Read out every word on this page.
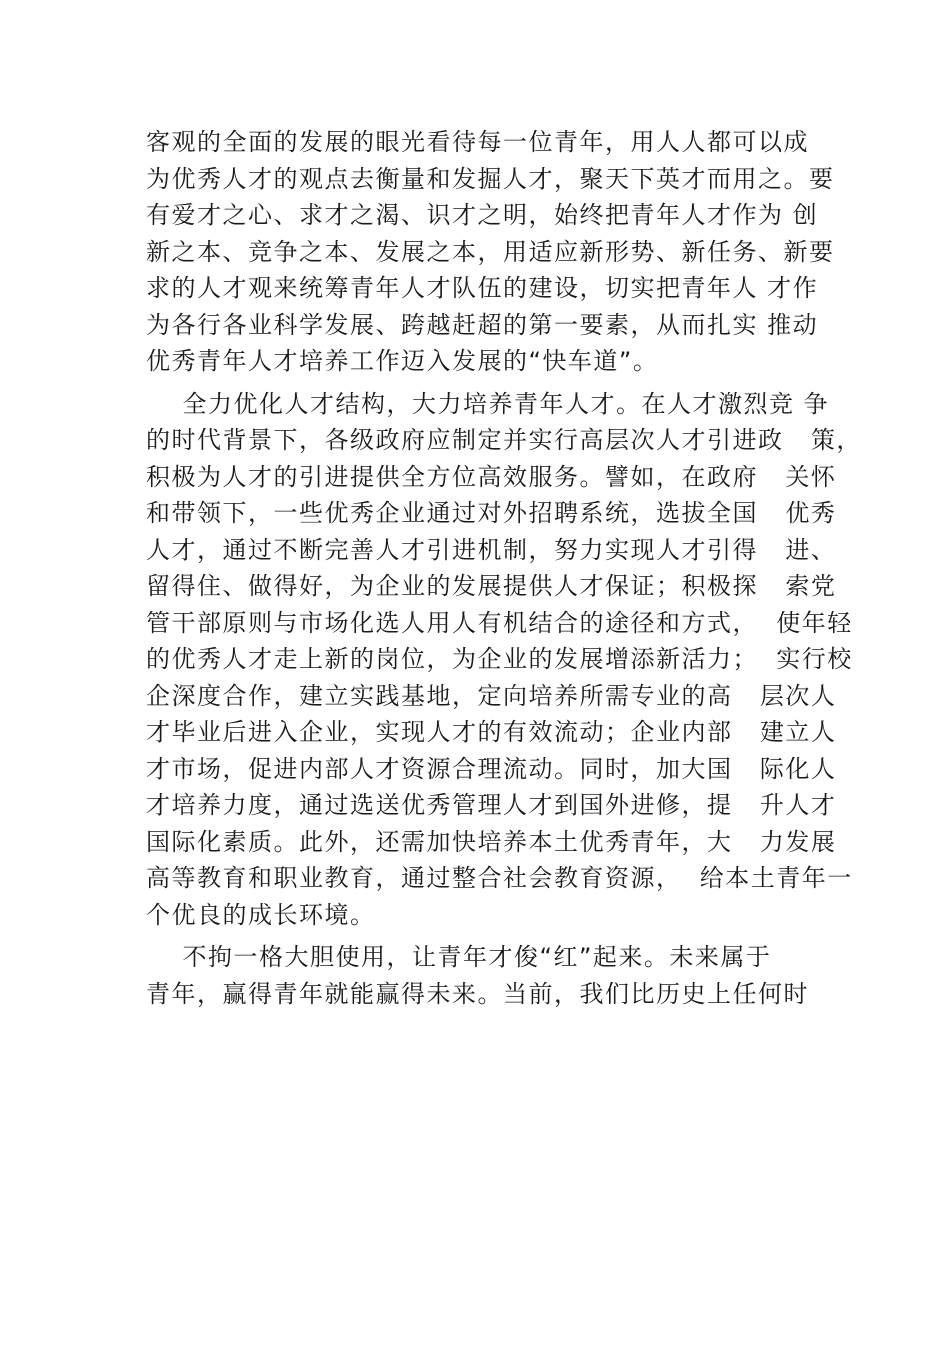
客观的全面的发展的眼光看待每一位青年，用人人都可以成
为优秀人才的观点去衡量和发掘人才，聚天下英才而用之。要
有爱才之心、求才之渴、识才之明，始终把青年人才作为 创
新之本、竞争之本、发展之本，用适应新形势、新任务、新要
求的人才观来统筹青年人才队伍的建设，切实把青年人 才作
为各行各业科学发展、跨越赶超的第一要素，从而扎实 推动
优秀青年人才培养工作迈入发展的“快车道”。
全力优化人才结构，大力培养青年人才。在人才激烈竞 争
的时代背景下，各级政府应制定并实行高层次人才引进政   策，
积极为人才的引进提供全方位高效服务。譬如，在政府   关怀
和带领下，一些优秀企业通过对外招聘系统，选拔全国   优秀
人才，通过不断完善人才引进机制，努力实现人才引得   进、
留得住、做得好，为企业的发展提供人才保证；积极探   索党
管干部原则与市场化选人用人有机结合的途径和方式，  使年轻
的优秀人才走上新的岗位，为企业的发展增添新活力；  实行校
企深度合作，建立实践基地，定向培养所需专业的高   层次人
才毕业后进入企业，实现人才的有效流动；企业内部   建立人
才市场，促进内部人才资源合理流动。同时，加大国   际化人
才培养力度，通过选送优秀管理人才到国外进修，提   升人才
国际化素质。此外，还需加快培养本土优秀青年，大   力发展
高等教育和职业教育，通过整合社会教育资源，  给本土青年一
个优良的成长环境。
不拘一格大胆使用，让青年才俊“红”起来。未来属于
青年，赢得青年就能赢得未来。当前，我们比历史上任何时
